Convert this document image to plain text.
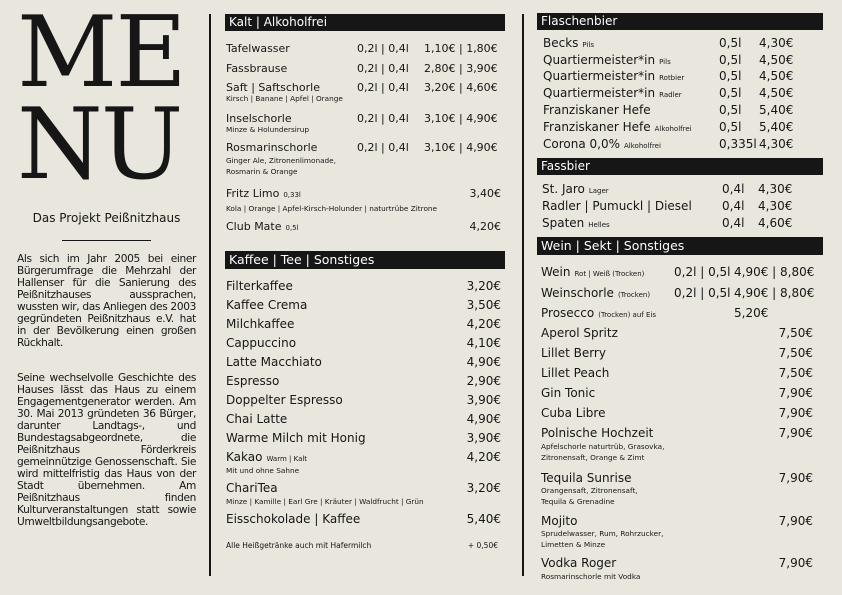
ME
NU
Das Projekt Peißnitzhaus
Als sich im Jahr 2005 bei einer Bürgerumfrage die Mehrzahl der Hallenser für die Sanierung des Peißnitzhauses aussprachen, wussten wir, das Anliegen des 2003 gegründeten Peißnitzhaus e.V. hat in der Bevölkerung einen großen Rückhalt.
Seine wechselvolle Geschichte des Hauses lässt das Haus zu einem Engagementgenerator werden. Am 30. Mai 2013 gründeten 36 Bürger, darunter Landtags-, und Bundestagsabgeordnete, die Peißnitzhaus Förderkreis gemeinnützige Genossenschaft. Sie wird mittelfristig das Haus von der Stadt übernehmen. Am Peißnitzhaus finden Kulturveranstaltungen statt sowie Umweltbildungsangebote.
Kalt | Alkoholfrei
Tafelwasser	0,2l | 0,4l 1,10€ | 1,80€
Fassbrause	0,2l | 0,4l 2,80€ | 3,90€
Saft | Saftschorle	0,2l | 0,4l 3,20€ | 4,60€
Kirsch | Banane | Apfel | Orange
Inselschorle	0,2l | 0,4l 3,10€ | 4,90€
Minze & Holundersirup
Rosmarinschorle	0,2l | 0,4l 3,10€ | 4,90€
Ginger Ale, Zitronenlimonade,
Rosmarin & Orange
Fritz Limo 0,33l	3,40€
Kola | Orange | Apfel-Kirsch-Holunder | naturtrübe Zitrone
Club Mate 0,5l	4,20€
Kaffee | Tee | Sonstiges
Filterkaffee	3,20€
Kaffee Crema	3,50€
Milchkaffee	4,20€
Cappuccino	4,10€
Latte Macchiato	4,90€
Espresso	2,90€
Doppelter Espresso	3,90€
Chai Latte	4,90€
Warme Milch mit Honig	3,90€
Kakao Warm | Kalt	4,20€
Mit und ohne Sahne
ChariTea	3,20€
Minze | Kamille | Earl Gre | Kräuter | Waldfrucht | Grün
Eisschokolade | Kaffee	5,40€
Alle Heißgetränke auch mit Hafermilch	+ 0,50€
Flaschenbier
Becks Pils	0,5l 4,30€
Quartiermeister*in Pils	0,5l 4,50€
Quartiermeister*in Rotbier	0,5l 4,50€
Quartiermeister*in Radler	0,5l 4,50€
Franziskaner Hefe	0,5l 5,40€
Franziskaner Hefe Alkoholfrei 0,5l 5,40€
Corona 0,0% Alkoholfrei	0,335l 4,30€
Fassbier
St. Jaro Lager	0,4l 4,30€
Radler | Pumuckl | Diesel	0,4l 4,30€
Spaten Helles	0,4l 4,60€
Wein | Sekt | Sonstiges
Wein Rot | Weiß (Trocken) 0,2l | 0,5l 4,90€ | 8,80€
Weinschorle (Trocken) 0,2l | 0,5l 4,90€ | 8,80€
Prosecco (Trocken) auf Eis	5,20€
Aperol Spritz	7,50€
Lillet Berry	7,50€
Lillet Peach	7,50€
Gin Tonic	7,90€
Cuba Libre	7,90€
Polnische Hochzeit	7,90€
Apfelschorle naturtrüb, Grasovka,
Zitronensaft, Orange & Zimt
Tequila Sunrise	7,90€
Orangensaft, Zitronensaft,
Tequila & Grenadine
Mojito	7,90€
Sprudelwasser, Rum, Rohrzucker,
Limetten & Minze
Vodka Roger	7,90€
Rosmarinschorle mit Vodka
